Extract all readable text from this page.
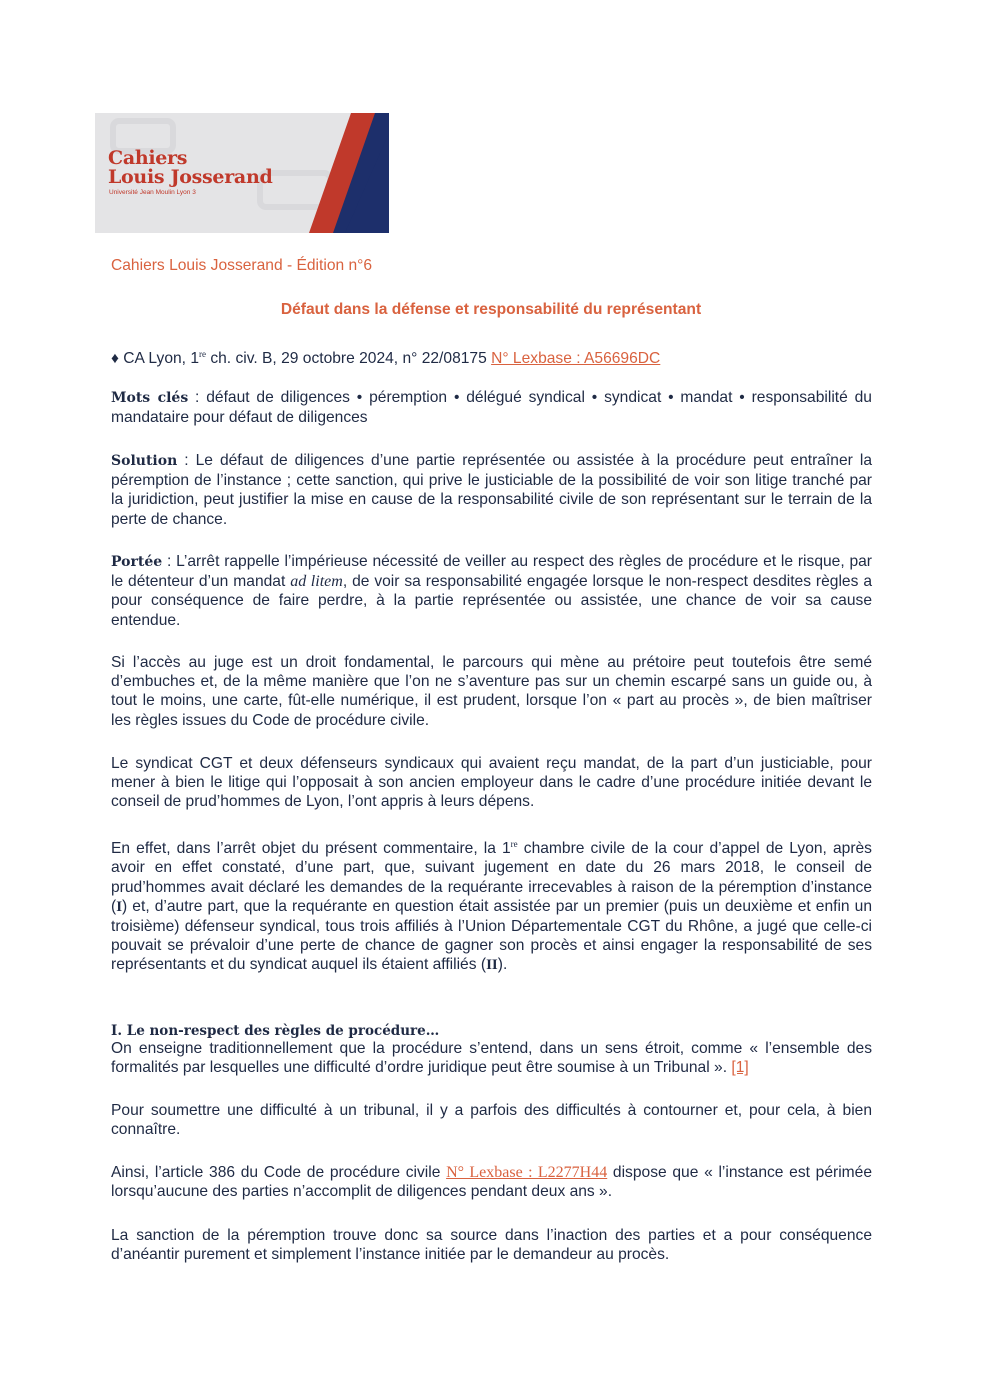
Cahiers
Louis Josserand
Université Jean Moulin Lyon 3
Cahiers Louis Josserand - Édition n°6
Défaut dans la défense et responsabilité du représentant

♦ CA Lyon, 1re ch. civ. B, 29 octobre 2024, n° 22/08175 N° Lexbase : A56696DC

Mots clés : défaut de diligences • péremption • délégué syndical • syndicat • mandat • responsabilité du mandataire pour défaut de diligences

Solution : Le défaut de diligences d’une partie représentée ou assistée à la procédure peut entraîner la péremption de l’instance ; cette sanction, qui prive le justiciable de la possibilité de voir son litige tranché par la juridiction, peut justifier la mise en cause de la responsabilité civile de son représentant sur le terrain de la perte de chance.

Portée : L’arrêt rappelle l’impérieuse nécessité de veiller au respect des règles de procédure et le risque, par le détenteur d’un mandat ad litem, de voir sa responsabilité engagée lorsque le non-respect desdites règles a pour conséquence de faire perdre, à la partie représentée ou assistée, une chance de voir sa cause entendue.

Si l’accès au juge est un droit fondamental, le parcours qui mène au prétoire peut toutefois être semé d’embuches et, de la même manière que l’on ne s’aventure pas sur un chemin escarpé sans un guide ou, à tout le moins, une carte, fût-elle numérique, il est prudent, lorsque l’on « part au procès », de bien maîtriser les règles issues du Code de procédure civile.

Le syndicat CGT et deux défenseurs syndicaux qui avaient reçu mandat, de la part d’un justiciable, pour mener à bien le litige qui l’opposait à son ancien employeur dans le cadre d’une procédure initiée devant le conseil de prud’hommes de Lyon, l’ont appris à leurs dépens.

En effet, dans l’arrêt objet du présent commentaire, la 1re chambre civile de la cour d’appel de Lyon, après avoir en effet constaté, d’une part, que, suivant jugement en date du 26 mars 2018, le conseil de prud’hommes avait déclaré les demandes de la requérante irrecevables à raison de la péremption d’instance (I) et, d’autre part, que la requérante en question était assistée par un premier (puis un deuxième et enfin un troisième) défenseur syndical, tous trois affiliés à l’Union Départementale CGT du Rhône, a jugé que celle-ci pouvait se prévaloir d’une perte de chance de gagner son procès et ainsi engager la responsabilité de ses représentants et du syndicat auquel ils étaient affiliés (II).

I. Le non-respect des règles de procédure…

On enseigne traditionnellement que la procédure s’entend, dans un sens étroit, comme « l’ensemble des formalités par lesquelles une difficulté d’ordre juridique peut être soumise à un Tribunal ». [1]

Pour soumettre une difficulté à un tribunal, il y a parfois des difficultés à contourner et, pour cela, à bien connaître.

Ainsi, l’article 386 du Code de procédure civile N° Lexbase : L2277H44 dispose que « l’instance est périmée lorsqu’aucune des parties n’accomplit de diligences pendant deux ans ».

La sanction de la péremption trouve donc sa source dans l’inaction des parties et a pour conséquence d’anéantir purement et simplement l’instance initiée par le demandeur au procès.
